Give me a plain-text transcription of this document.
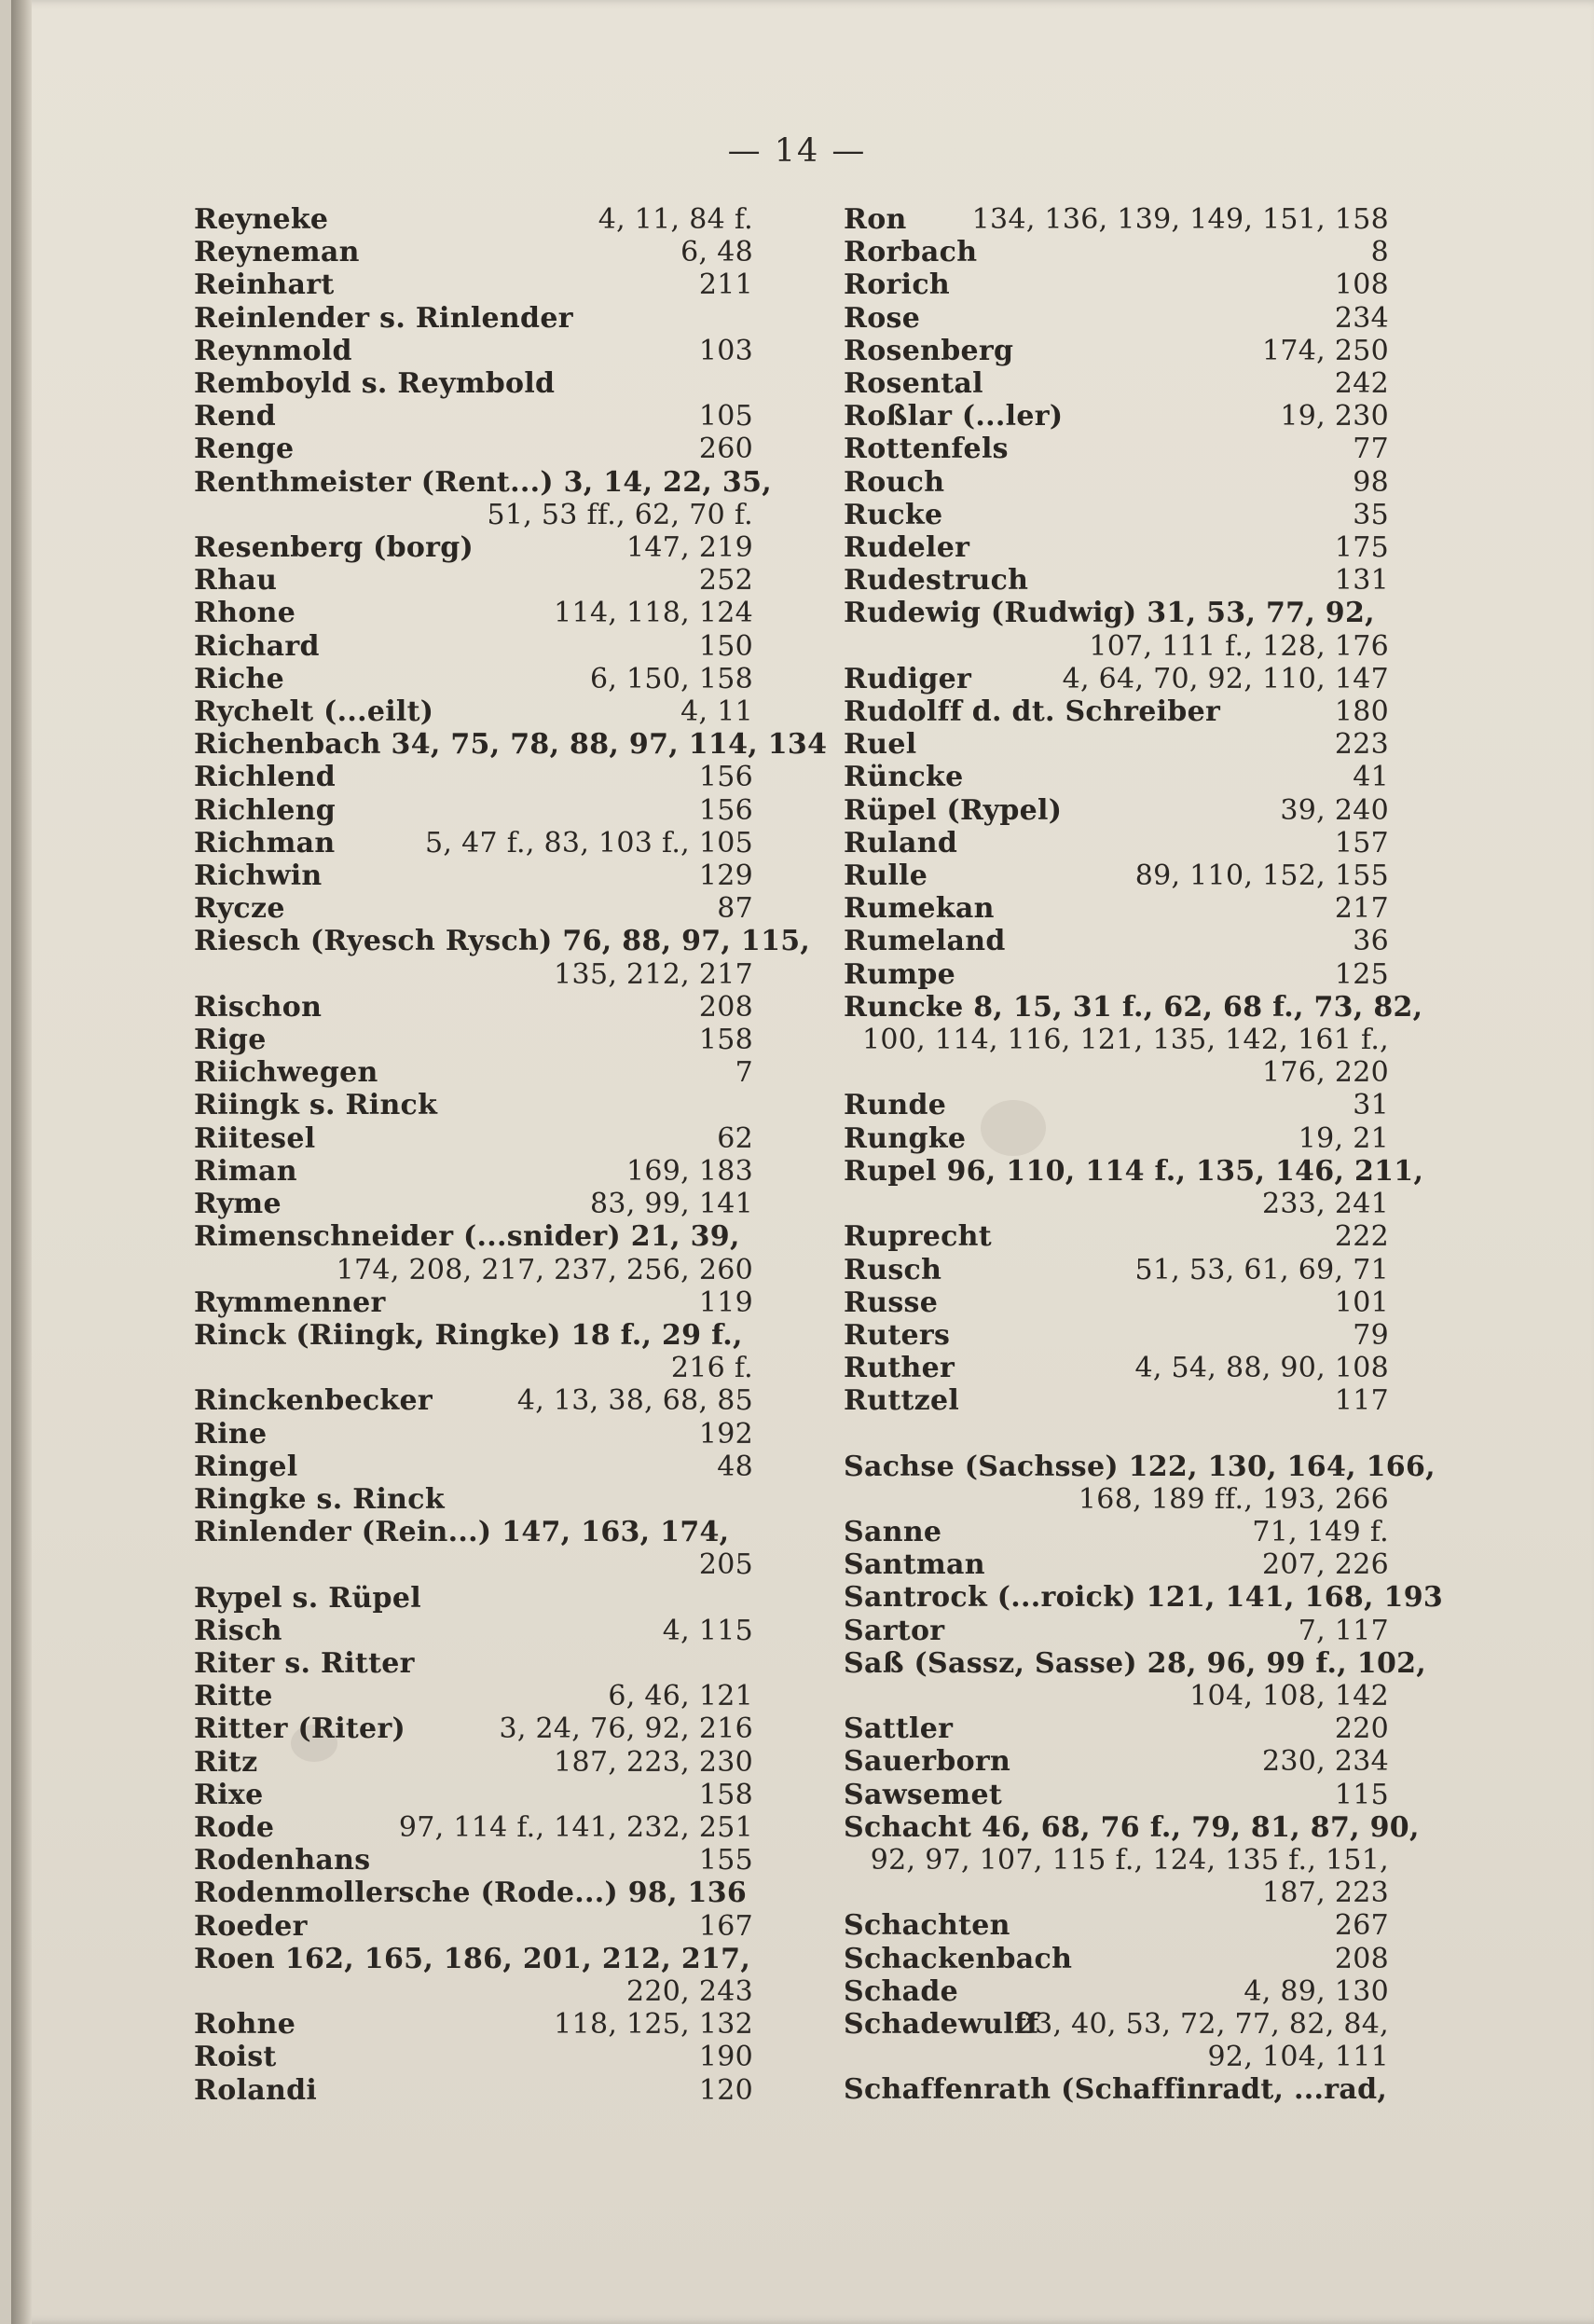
— 14 —
Reyneke	4, 11, 84 f.
Reyneman	6, 48
Reinhart	211
Reinlender s. Rinlender
Reynmold	103
Remboyld s. Reymbold
Rend	105
Renge	260
Renthmeister (Rent...) 3, 14, 22, 35,
51, 53 ff., 62, 70 f.
Resenberg (borg)	147, 219
Rhau	252
Rhone	114, 118, 124
Richard	150
Riche	6, 150, 158
Rychelt (...eilt)	4, 11
Richenbach 34, 75, 78, 88, 97, 114, 134
Richlend	156
Richleng	156
Richman	5, 47 f., 83, 103 f., 105
Richwin	129
Rycze	87
Riesch (Ryesch Rysch) 76, 88, 97, 115,
135, 212, 217
Rischon	208
Rige	158
Riichwegen	7
Riingk s. Rinck
Riitesel	62
Riman	169, 183
Ryme	83, 99, 141
Rimenschneider (...snider) 21, 39,
174, 208, 217, 237, 256, 260
Rymmenner	119
Rinck (Riingk, Ringke) 18 f., 29 f.,
216 f.
Rinckenbecker	4, 13, 38, 68, 85
Rine	192
Ringel	48
Ringke s. Rinck
Rinlender (Rein...) 147, 163, 174,
205
Rypel s. Rüpel
Risch	4, 115
Riter s. Ritter
Ritte	6, 46, 121
Ritter (Riter)	3, 24, 76, 92, 216
Ritz	187, 223, 230
Rixe	158
Rode	97, 114 f., 141, 232, 251
Rodenhans	155
Rodenmollersche (Rode...) 98, 136
Roeder	167
Roen 162, 165, 186, 201, 212, 217,
220, 243
Rohne	118, 125, 132
Roist	190
Rolandi	120
Ron 134, 136, 139, 149, 151, 158
Rorbach	8
Rorich	108
Rose	234
Rosenberg	174, 250
Rosental	242
Roßlar (...ler)	19, 230
Rottenfels	77
Rouch	98
Rucke	35
Rudeler	175
Rudestruch	131
Rudewig (Rudwig) 31, 53, 77, 92,
107, 111 f., 128, 176
Rudiger	4, 64, 70, 92, 110, 147
Rudolff d. dt. Schreiber	180
Ruel	223
Rüncke	41
Rüpel (Rypel)	39, 240
Ruland	157
Rulle	89, 110, 152, 155
Rumekan	217
Rumeland	36
Rumpe	125
Runcke 8, 15, 31 f., 62, 68 f., 73, 82,
100, 114, 116, 121, 135, 142, 161 f.,
176, 220
Runde	31
Rungke	19, 21
Rupel 96, 110, 114 f., 135, 146, 211,
233, 241
Ruprecht	222
Rusch	51, 53, 61, 69, 71
Russe	101
Ruters	79
Ruther	4, 54, 88, 90, 108
Ruttzel	117
Sachse (Sachsse) 122, 130, 164, 166,
168, 189 ff., 193, 266
Sanne	71, 149 f.
Santman	207, 226
Santrock (...roick) 121, 141, 168, 193
Sartor	7, 117
Saß (Sassz, Sasse) 28, 96, 99 f., 102,
104, 108, 142
Sattler	220
Sauerborn	230, 234
Sawsemet	115
Schacht 46, 68, 76 f., 79, 81, 87, 90,
92, 97, 107, 115 f., 124, 135 f., 151,
187, 223
Schachten	267
Schackenbach	208
Schade	4, 89, 130
Schadewulff
23, 40, 53, 72, 77, 82, 84,
92, 104, 111
Schaffenrath (Schaffinradt, ...rad,
